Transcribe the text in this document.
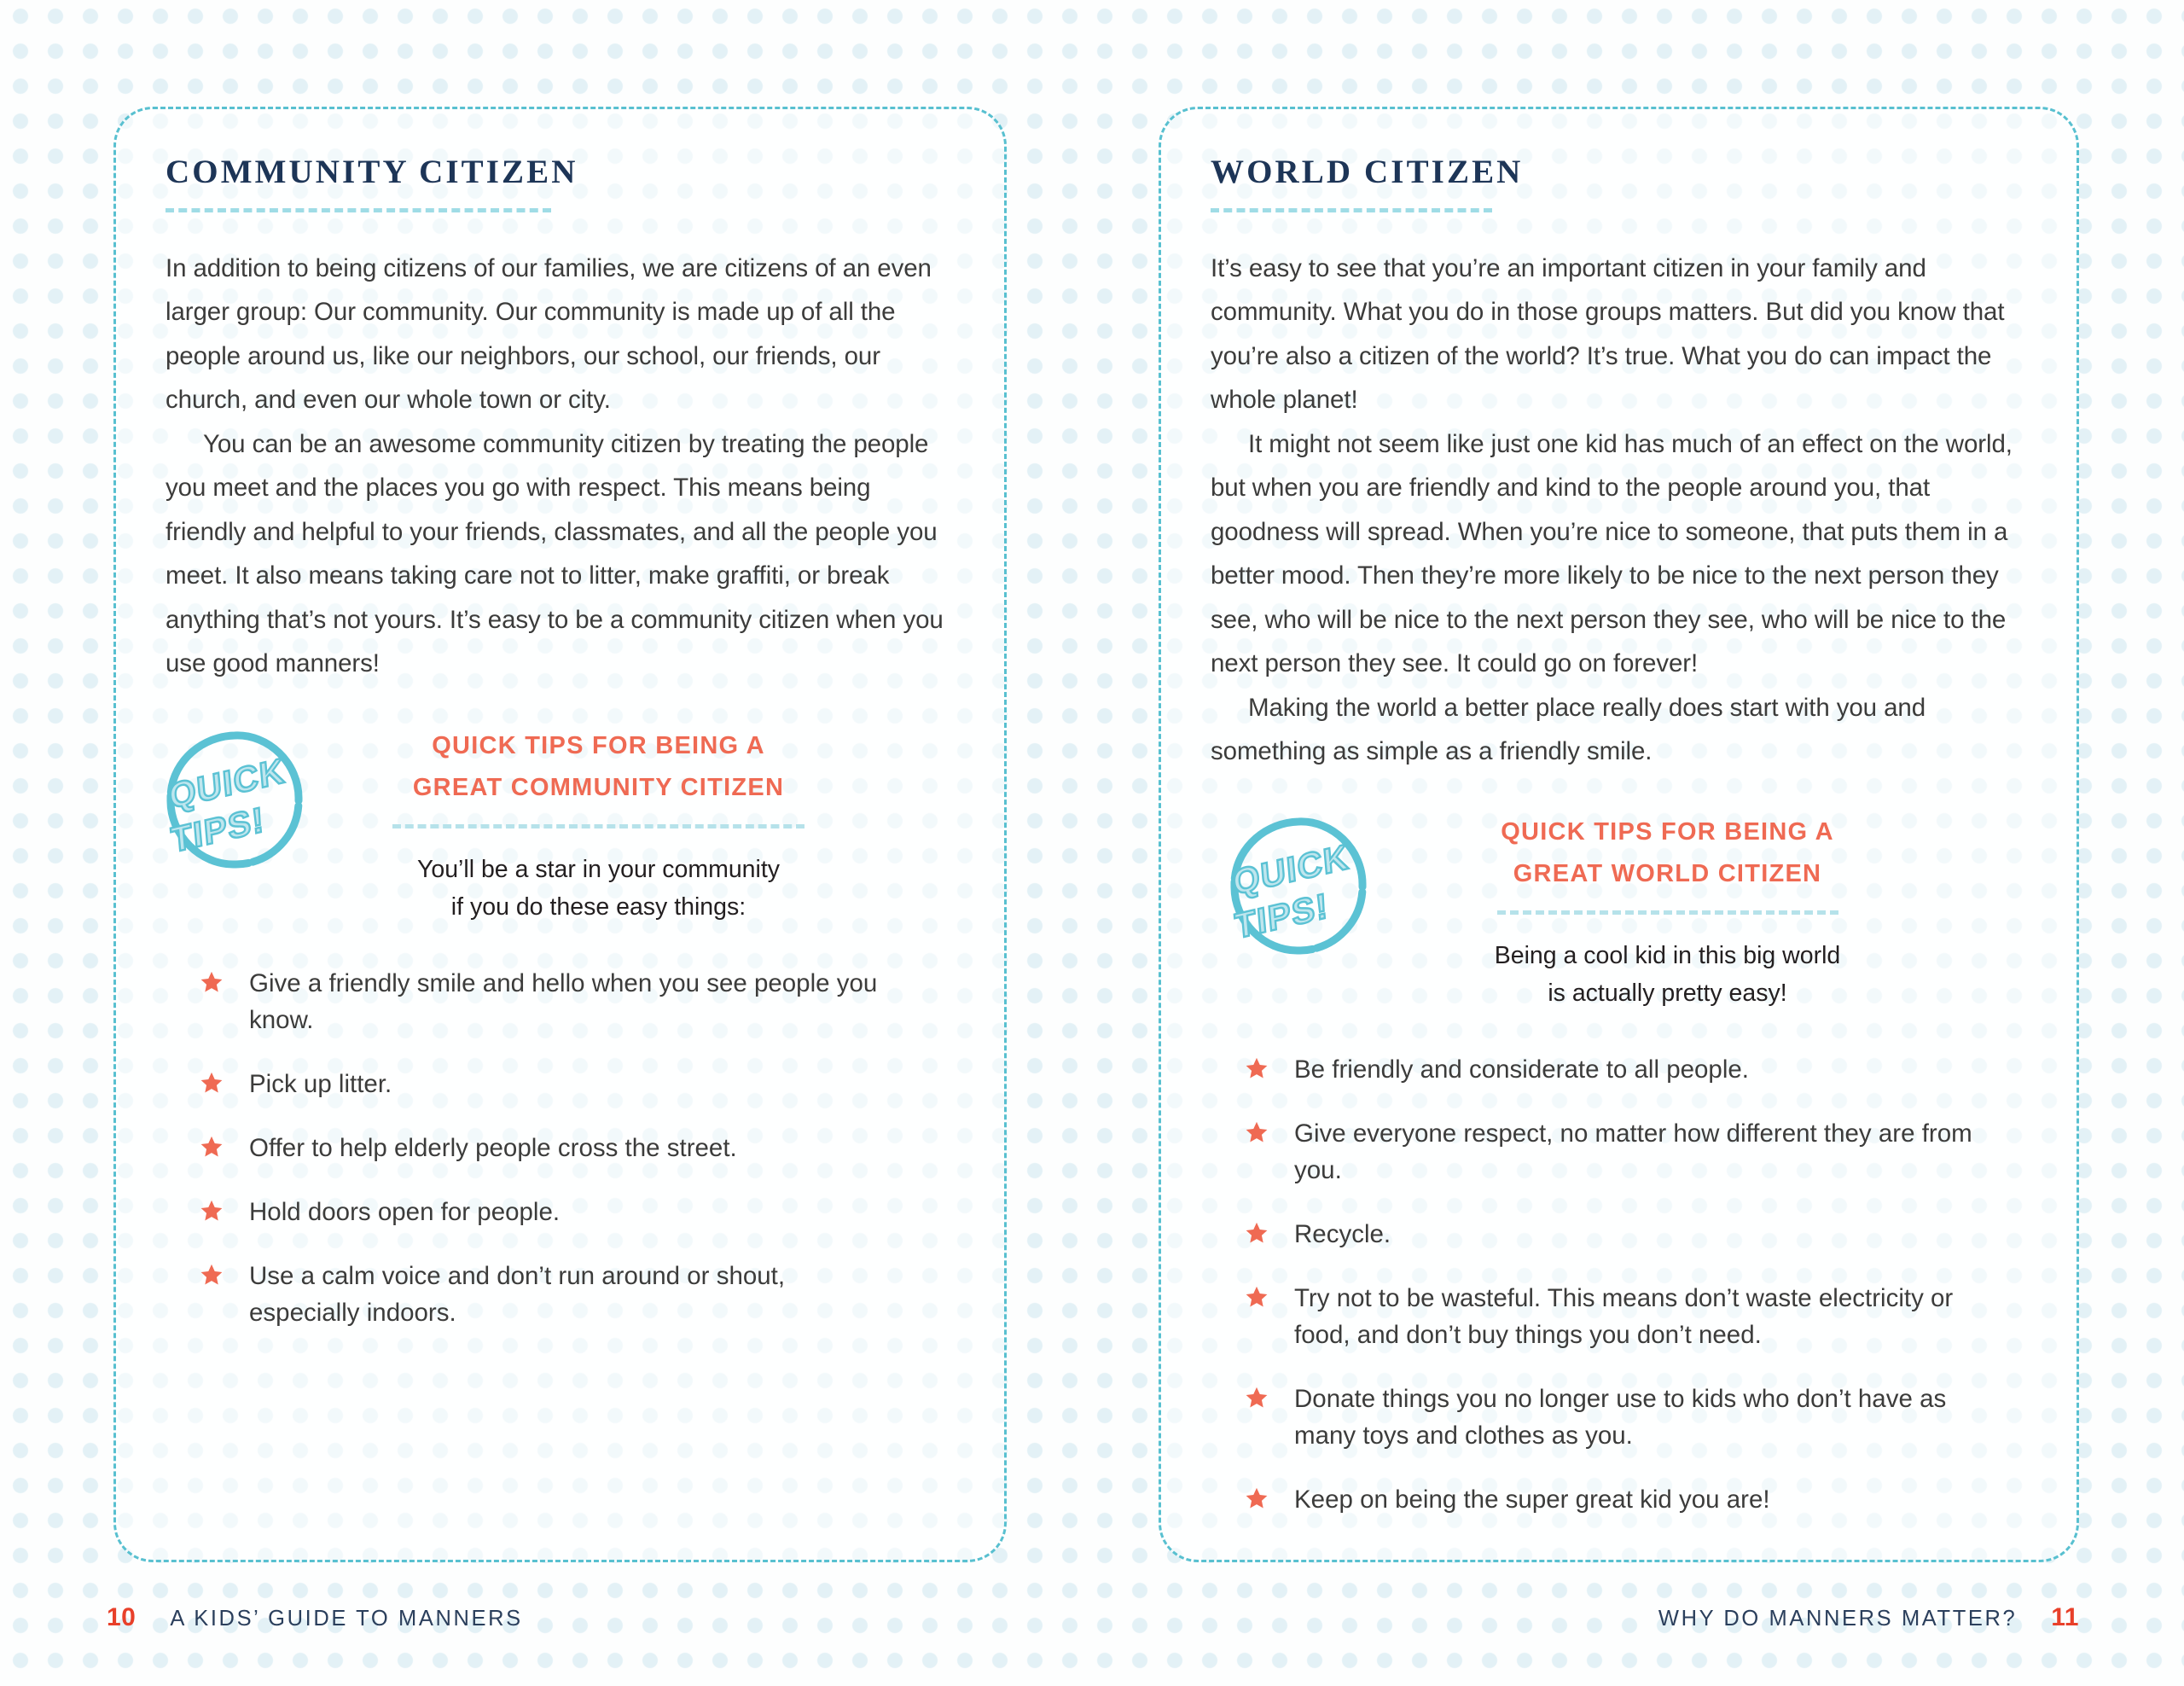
COMMUNITY CITIZEN

In addition to being citizens of our families, we are citizens of an even larger group: Our community. Our community is made up of all the people around us, like our neighbors, our school, our friends, our church, and even our whole town or city.

You can be an awesome community citizen by treating the people you meet and the places you go with respect. This means being friendly and helpful to your friends, classmates, and all the people you meet. It also means taking care not to litter, make graffiti, or break anything that’s not yours. It’s easy to be a community citizen when you use good manners!

QUICK
TIPS!
QUICK TIPS FOR BEING A
GREAT COMMUNITY CITIZEN
You’ll be a star in your community
if you do these easy things:
Give a friendly smile and hello when you see people you know.
Pick up litter.
Offer to help elderly people cross the street.
Hold doors open for people.
Use a calm voice and don’t run around or shout, especially indoors.
10 A KIDS’ GUIDE TO MANNERS
WORLD CITIZEN

It’s easy to see that you’re an important citizen in your family and community. What you do in those groups matters. But did you know that you’re also a citizen of the world? It’s true. What you do can impact the whole planet!

It might not seem like just one kid has much of an effect on the world, but when you are friendly and kind to the people around you, that goodness will spread. When you’re nice to someone, that puts them in a better mood. Then they’re more likely to be nice to the next person they see, who will be nice to the next person they see, who will be nice to the next person they see. It could go on forever!

Making the world a better place really does start with you and something as simple as a friendly smile.

QUICK
TIPS!
QUICK TIPS FOR BEING A
GREAT WORLD CITIZEN
Being a cool kid in this big world
is actually pretty easy!
Be friendly and considerate to all people.
Give everyone respect, no matter how different they are from you.
Recycle.
Try not to be wasteful. This means don’t waste electricity or food, and don’t buy things you don’t need.
Donate things you no longer use to kids who don’t have as many toys and clothes as you.
Keep on being the super great kid you are!
WHY DO MANNERS MATTER? 11
